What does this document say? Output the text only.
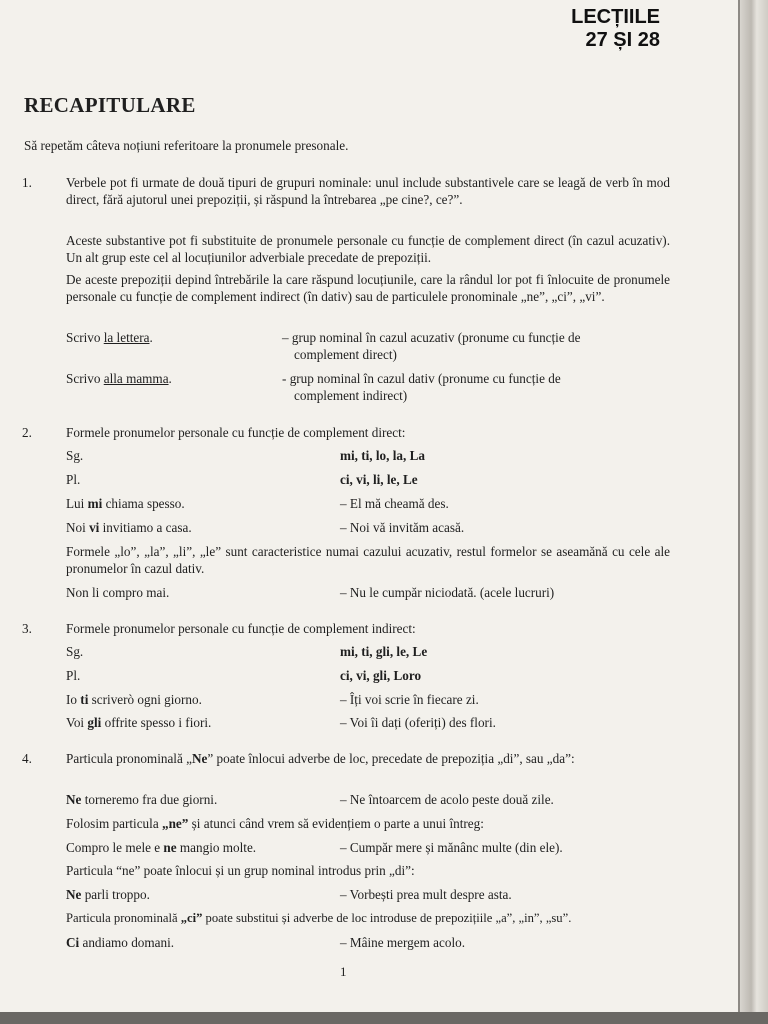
LECȚIILE
27 ȘI 28
RECAPITULARE
Să repetăm câteva noțiuni referitoare la pronumele presonale.
1.	Verbele pot fi urmate de două tipuri de grupuri nominale: unul include substantivele care se leagă de verb în mod direct, fără ajutorul unei prepoziții, și răspund la întrebarea „pe cine?, ce?”.
Aceste substantive pot fi substituite de pronumele personale cu funcție de complement direct (în cazul acuzativ). Un alt grup este cel al locuțiunilor adverbiale precedate de prepoziții.
De aceste prepoziții depind întrebările la care răspund locuțiunile, care la rândul lor pot fi înlocuite de pronumele personale cu funcție de complement indirect (în dativ) sau de particulele pronominale „ne”, „ci”, „vi”.
Scrivo la lettera.	– grup nominal în cazul acuzativ (pronume cu funcție de
complement direct)
Scrivo alla mamma.	- grup nominal în cazul dativ (pronume cu funcție de
complement indirect)
2.	Formele pronumelor personale cu funcție de complement direct:
Sg.	mi, ti, lo, la, La
Pl.	ci, vi, li, le, Le
Lui mi chiama spesso.	– El mă cheamă des.
Noi vi invitiamo a casa.	– Noi vă invităm acasă.
Formele „lo”, „la”, „li”, „le” sunt caracteristice numai cazului acuzativ, restul formelor se aseamănă cu cele ale pronumelor în cazul dativ.
Non li compro mai.	– Nu le cumpăr niciodată. (acele lucruri)
3.	Formele pronumelor personale cu funcție de complement indirect:
Sg.	mi, ti, gli, le, Le
Pl.	ci, vi, gli, Loro
Io ti scriverò ogni giorno.	– Îți voi scrie în fiecare zi.
Voi gli offrite spesso i fiori.	– Voi îi dați (oferiți) des flori.
4.	Particula pronominală „Ne” poate înlocui adverbe de loc, precedate de prepoziția „di”, sau „da”:
Ne torneremo fra due giorni.	– Ne întoarcem de acolo peste două zile.
Folosim particula „ne” și atunci când vrem să evidențiem o parte a unui întreg:
Compro le mele e ne mangio molte.	– Cumpăr mere și mănânc multe (din ele).
Particula “ne” poate înlocui și un grup nominal introdus prin „di”:
Ne parli troppo.	– Vorbești prea mult despre asta.
Particula pronominală „ci” poate substitui și adverbe de loc introduse de prepozițiile „a”, „in”, „su”.
Ci andiamo domani.	– Mâine mergem acolo.
1
